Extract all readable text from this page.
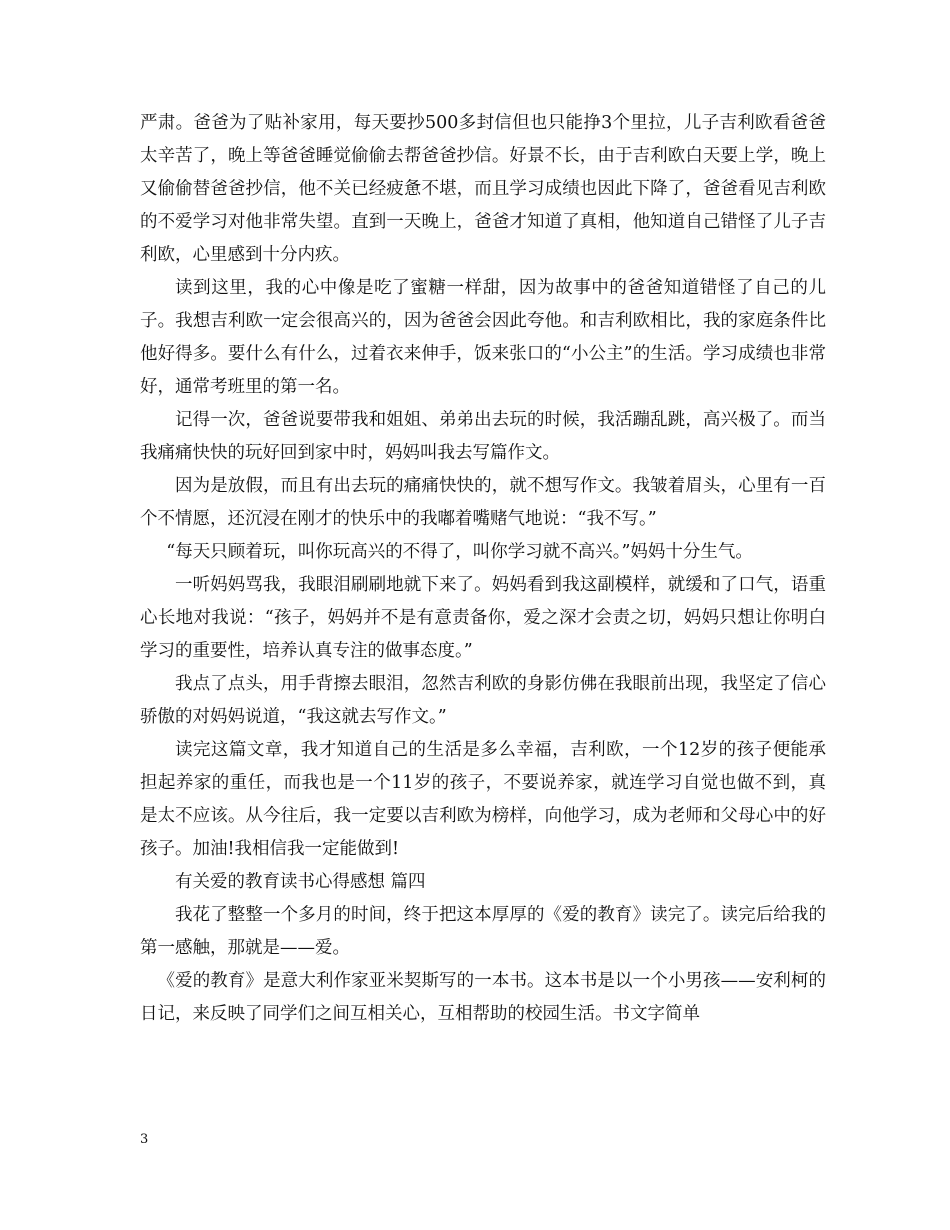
严肃。爸爸为了贴补家用，每天要抄500多封信但也只能挣3个里拉，儿子吉利欧看爸爸太辛苦了，晚上等爸爸睡觉偷偷去帮爸爸抄信。好景不长，由于吉利欧白天要上学，晚上又偷偷替爸爸抄信，他不关已经疲惫不堪，而且学习成绩也因此下降了，爸爸看见吉利欧的不爱学习对他非常失望。直到一天晚上，爸爸才知道了真相，他知道自己错怪了儿子吉利欧，心里感到十分内疚。

读到这里，我的心中像是吃了蜜糖一样甜，因为故事中的爸爸知道错怪了自己的儿子。我想吉利欧一定会很高兴的，因为爸爸会因此夸他。和吉利欧相比，我的家庭条件比他好得多。要什么有什么，过着衣来伸手，饭来张口的“小公主”的生活。学习成绩也非常好，通常考班里的第一名。

记得一次，爸爸说要带我和姐姐、弟弟出去玩的时候，我活蹦乱跳，高兴极了。而当我痛痛快快的玩好回到家中时，妈妈叫我去写篇作文。

因为是放假，而且有出去玩的痛痛快快的，就不想写作文。我皱着眉头，心里有一百个不情愿，还沉浸在刚才的快乐中的我嘟着嘴赌气地说：“我不写。”

“每天只顾着玩，叫你玩高兴的不得了，叫你学习就不高兴。”妈妈十分生气。

一听妈妈骂我，我眼泪刷刷地就下来了。妈妈看到我这副模样，就缓和了口气，语重心长地对我说：“孩子，妈妈并不是有意责备你，爱之深才会责之切，妈妈只想让你明白学习的重要性，培养认真专注的做事态度。”

我点了点头，用手背擦去眼泪，忽然吉利欧的身影仿佛在我眼前出现，我坚定了信心骄傲的对妈妈说道，“我这就去写作文。”

读完这篇文章，我才知道自己的生活是多么幸福，吉利欧，一个12岁的孩子便能承担起养家的重任，而我也是一个11岁的孩子，不要说养家，就连学习自觉也做不到，真是太不应该。从今往后，我一定要以吉利欧为榜样，向他学习，成为老师和父母心中的好孩子。加油!我相信我一定能做到!

有关爱的教育读书心得感想 篇四

我花了整整一个多月的时间，终于把这本厚厚的《爱的教育》读完了。读完后给我的第一感触，那就是——爱。

《爱的教育》是意大利作家亚米契斯写的一本书。这本书是以一个小男孩——安利柯的日记，来反映了同学们之间互相关心，互相帮助的校园生活。书文字简单

3
